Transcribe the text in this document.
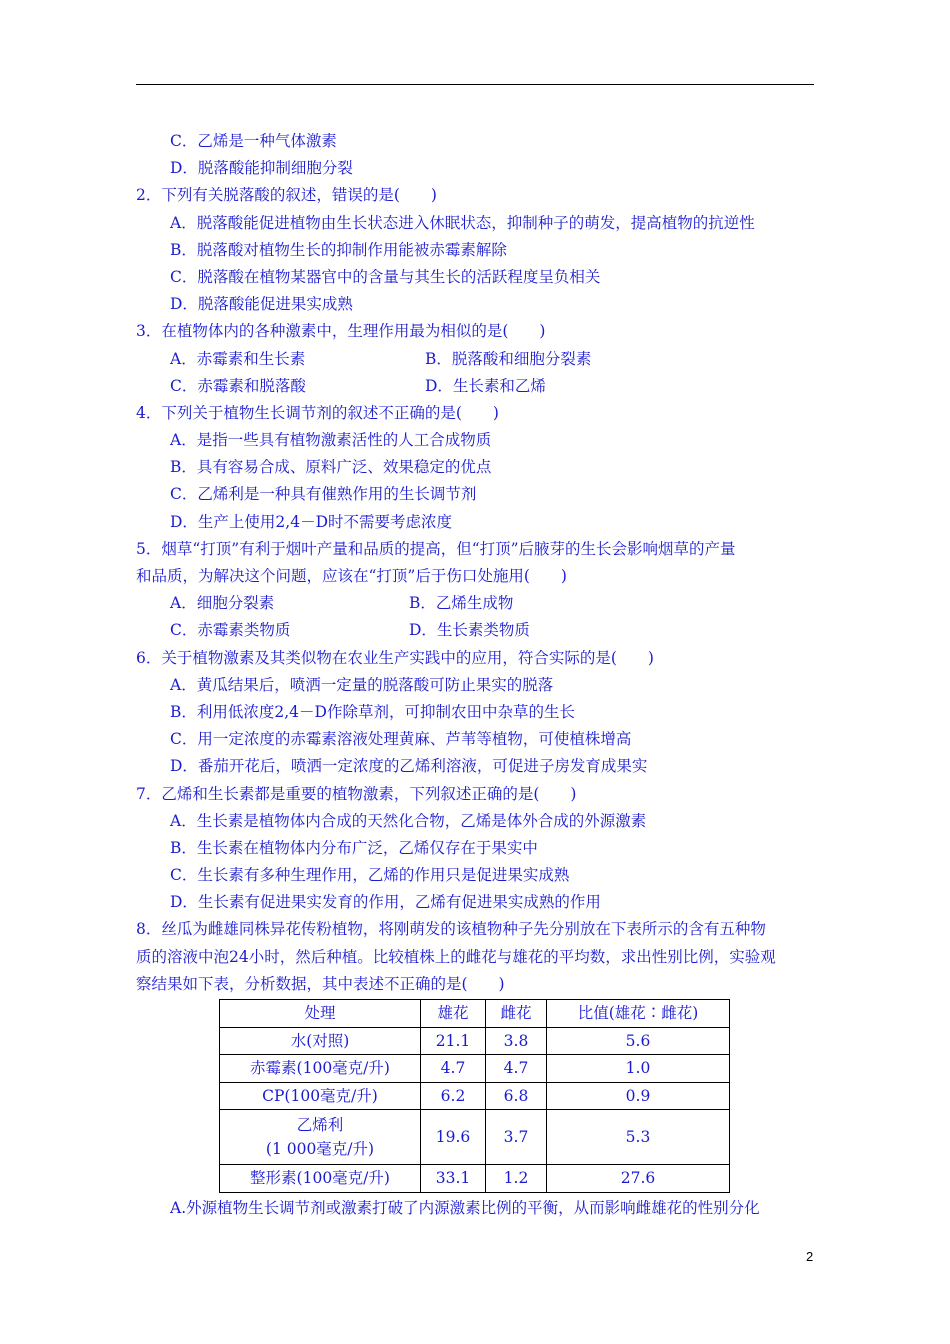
C．乙烯是一种气体激素
D．脱落酸能抑制细胞分裂
2．下列有关脱落酸的叙述，错误的是(　　)
A．脱落酸能促进植物由生长状态进入休眠状态，抑制种子的萌发，提高植物的抗逆性
B．脱落酸对植物生长的抑制作用能被赤霉素解除
C．脱落酸在植物某器官中的含量与其生长的活跃程度呈负相关
D．脱落酸能促进果实成熟
3．在植物体内的各种激素中，生理作用最为相似的是(　　)
A．赤霉素和生长素	B．脱落酸和细胞分裂素
C．赤霉素和脱落酸	D．生长素和乙烯
4．下列关于植物生长调节剂的叙述不正确的是(　　)
A．是指一些具有植物激素活性的人工合成物质
B．具有容易合成、原料广泛、效果稳定的优点
C．乙烯利是一种具有催熟作用的生长调节剂
D．生产上使用2,4－D时不需要考虑浓度
5．烟草“打顶”有利于烟叶产量和品质的提高，但“打顶”后腋芽的生长会影响烟草的产量
和品质，为解决这个问题，应该在“打顶”后于伤口处施用(　　)
A．细胞分裂素	B．乙烯生成物
C．赤霉素类物质	D．生长素类物质
6．关于植物激素及其类似物在农业生产实践中的应用，符合实际的是(　　)
A．黄瓜结果后，喷洒一定量的脱落酸可防止果实的脱落
B．利用低浓度2,4－D作除草剂，可抑制农田中杂草的生长
C．用一定浓度的赤霉素溶液处理黄麻、芦苇等植物，可使植株增高
D．番茄开花后，喷洒一定浓度的乙烯利溶液，可促进子房发育成果实
7．乙烯和生长素都是重要的植物激素，下列叙述正确的是(　　)
A．生长素是植物体内合成的天然化合物，乙烯是体外合成的外源激素
B．生长素在植物体内分布广泛，乙烯仅存在于果实中
C．生长素有多种生理作用，乙烯的作用只是促进果实成熟
D．生长素有促进果实发育的作用，乙烯有促进果实成熟的作用
8．丝瓜为雌雄同株异花传粉植物，将刚萌发的该植物种子先分别放在下表所示的含有五种物
质的溶液中泡24小时，然后种植。比较植株上的雌花与雄花的平均数，求出性别比例，实验观
察结果如下表，分析数据，其中表述不正确的是(　　)
处理	雄花	雌花	比值(雄花∶雌花)

水(对照)	21.1	3.8	5.6

赤霉素(100毫克/升)	4.7	4.7	1.0

CP(100毫克/升)	6.2	6.8	0.9

乙烯利
(1 000毫克/升)	19.6	3.7	5.3

整形素(100毫克/升)	33.1	1.2	27.6
A.外源植物生长调节剂或激素打破了内源激素比例的平衡，从而影响雌雄花的性别分化
2
